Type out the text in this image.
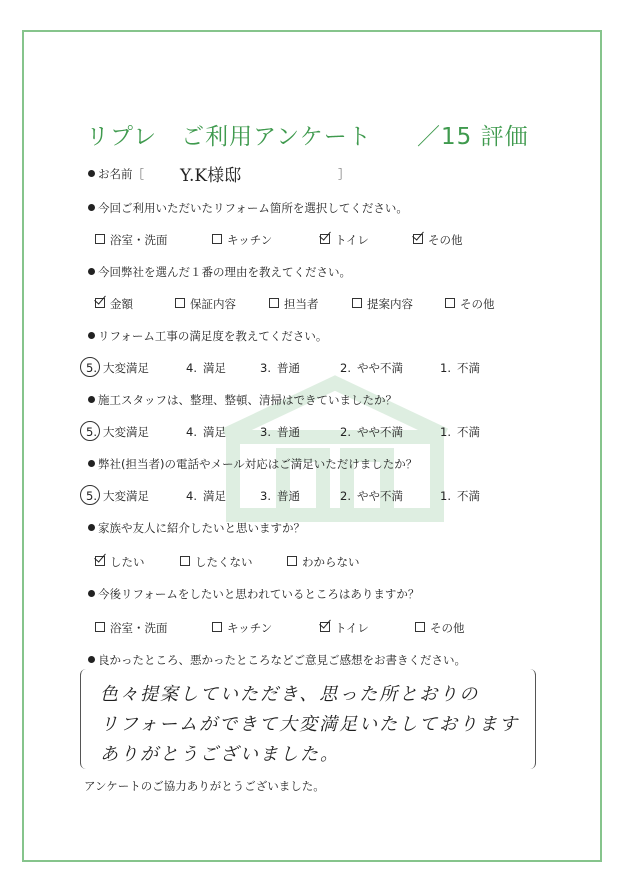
リプレ　ご利用アンケート ／15 評価
お名前［ Y.K様邸	］
今回ご利用いただいたリフォーム箇所を選択してください。
浴室・洗面	キッチン	トイレ	その他
今回弊社を選んだ１番の理由を教えてください。
金額	保証内容	担当者	提案内容	その他
リフォーム工事の満足度を教えてください。
5. 大変満足	4. 満足	3. 普通	2. やや不満	1. 不満
施工スタッフは、整理、整頓、清掃はできていましたか？
5. 大変満足	4. 満足	3. 普通	2. やや不満	1. 不満
弊社(担当者)の電話やメール対応はご満足いただけましたか？
5. 大変満足	4. 満足	3. 普通	2. やや不満	1. 不満
家族や友人に紹介したいと思いますか？
したい	したくない	わからない
今後リフォームをしたいと思われているところはありますか？
浴室・洗面	キッチン	トイレ	その他
良かったところ、悪かったところなどご意見ご感想をお書きください。
色々提案していただき、思った所とおりの
リフォームができて大変満足いたしております
ありがとうございました。
アンケートのご協力ありがとうございました。
